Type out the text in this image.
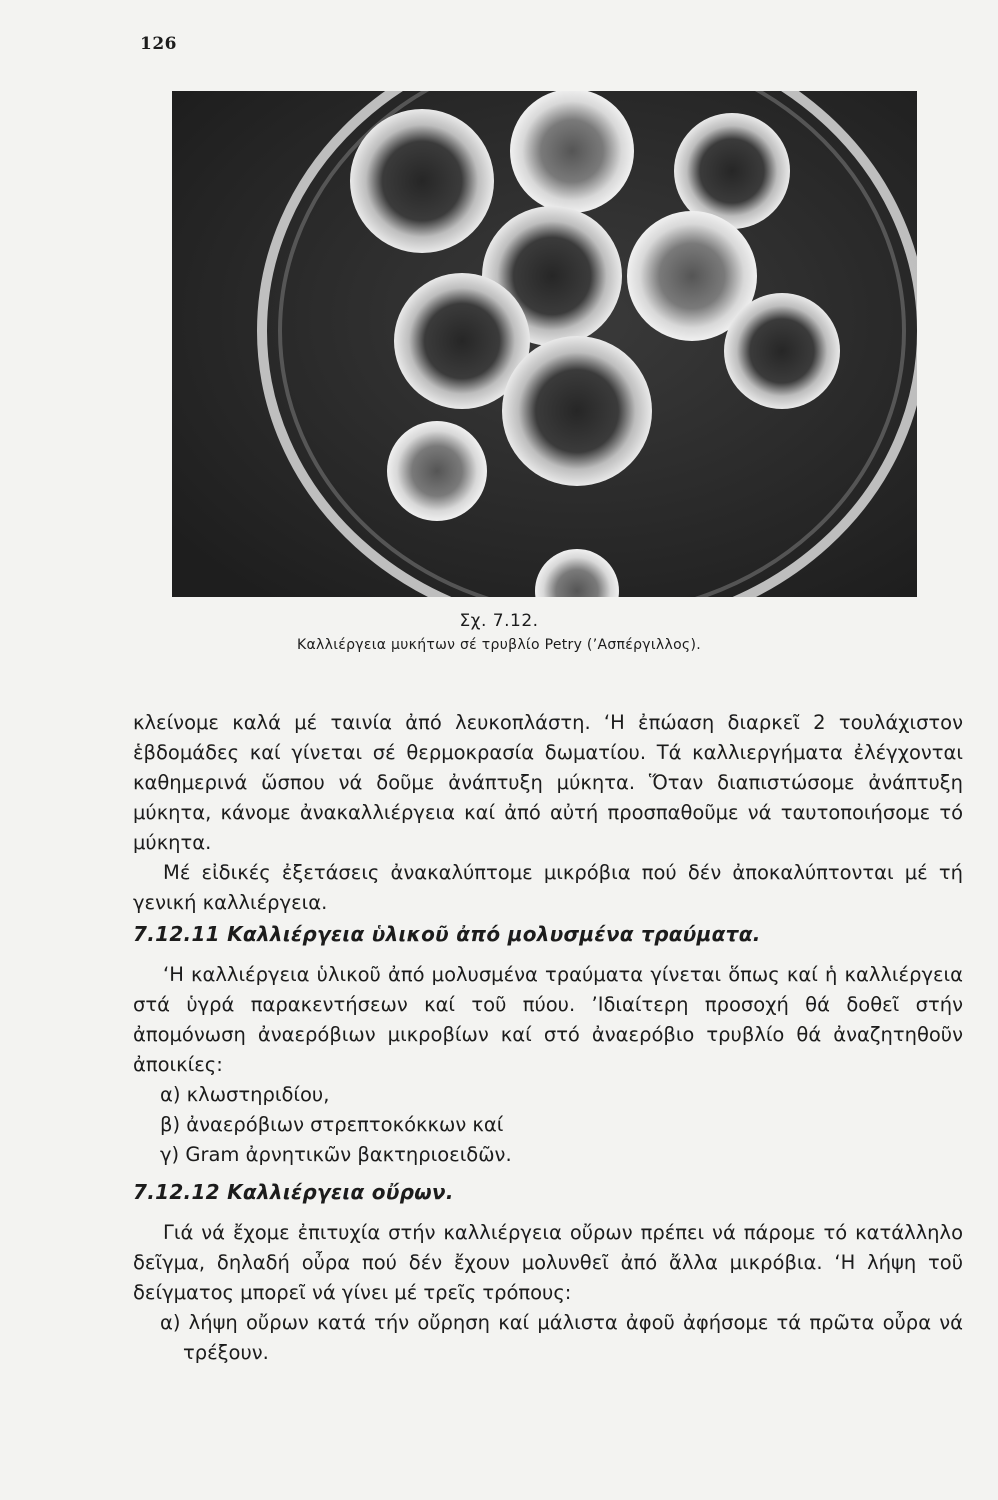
126
Σχ. 7.12.
Καλλιέργεια μυκήτων σέ τρυβλίο Petry (’Ασπέργιλλος).

κλείνομε καλά μέ ταινία ἀπό λευκοπλάστη. ‘Η ἐπώαση διαρκεῖ 2 τουλάχιστον ἑβδομάδες καί γίνεται σέ θερμοκρασία δωματίου. Τά καλλιεργήματα ἐλέγχονται καθημερινά ὥσπου νά δοῦμε ἀνάπτυξη μύκητα. Ὅταν διαπιστώσομε ἀνάπτυξη μύκητα, κάνομε ἀνακαλλιέργεια καί ἀπό αὐτή προσπαθοῦμε νά ταυτοποιήσομε τό μύκητα.

Μέ εἰδικές ἐξετάσεις ἀνακαλύπτομε μικρόβια πού δέν ἀποκαλύπτονται μέ τή γενική καλλιέργεια.

7.12.11 Καλλιέργεια ὑλικοῦ ἀπό μολυσμένα τραύματα.

‘Η καλλιέργεια ὑλικοῦ ἀπό μολυσμένα τραύματα γίνεται ὅπως καί ἡ καλλιέργεια στά ὑγρά παρακεντήσεων καί τοῦ πύου. ’Ιδιαίτερη προσοχή θά δοθεῖ στήν ἀπομόνωση ἀναερόβιων μικροβίων καί στό ἀναερόβιο τρυβλίο θά ἀναζητηθοῦν ἀποικίες:

α) κλωστηριδίου,

β) ἀναερόβιων στρεπτοκόκκων καί

γ) Gram ἀρνητικῶν βακτηριοειδῶν.

7.12.12 Καλλιέργεια οὔρων.

Γιά νά ἔχομε ἐπιτυχία στήν καλλιέργεια οὔρων πρέπει νά πάρομε τό κατάλληλο δεῖγμα, δηλαδή οὖρα πού δέν ἔχουν μολυνθεῖ ἀπό ἄλλα μικρόβια. ‘Η λήψη τοῦ δείγματος μπορεῖ νά γίνει μέ τρεῖς τρόπους:

α) λήψη οὔρων κατά τήν οὔρηση καί μάλιστα ἀφοῦ ἀφήσομε τά πρῶτα οὖρα νά τρέξουν.
